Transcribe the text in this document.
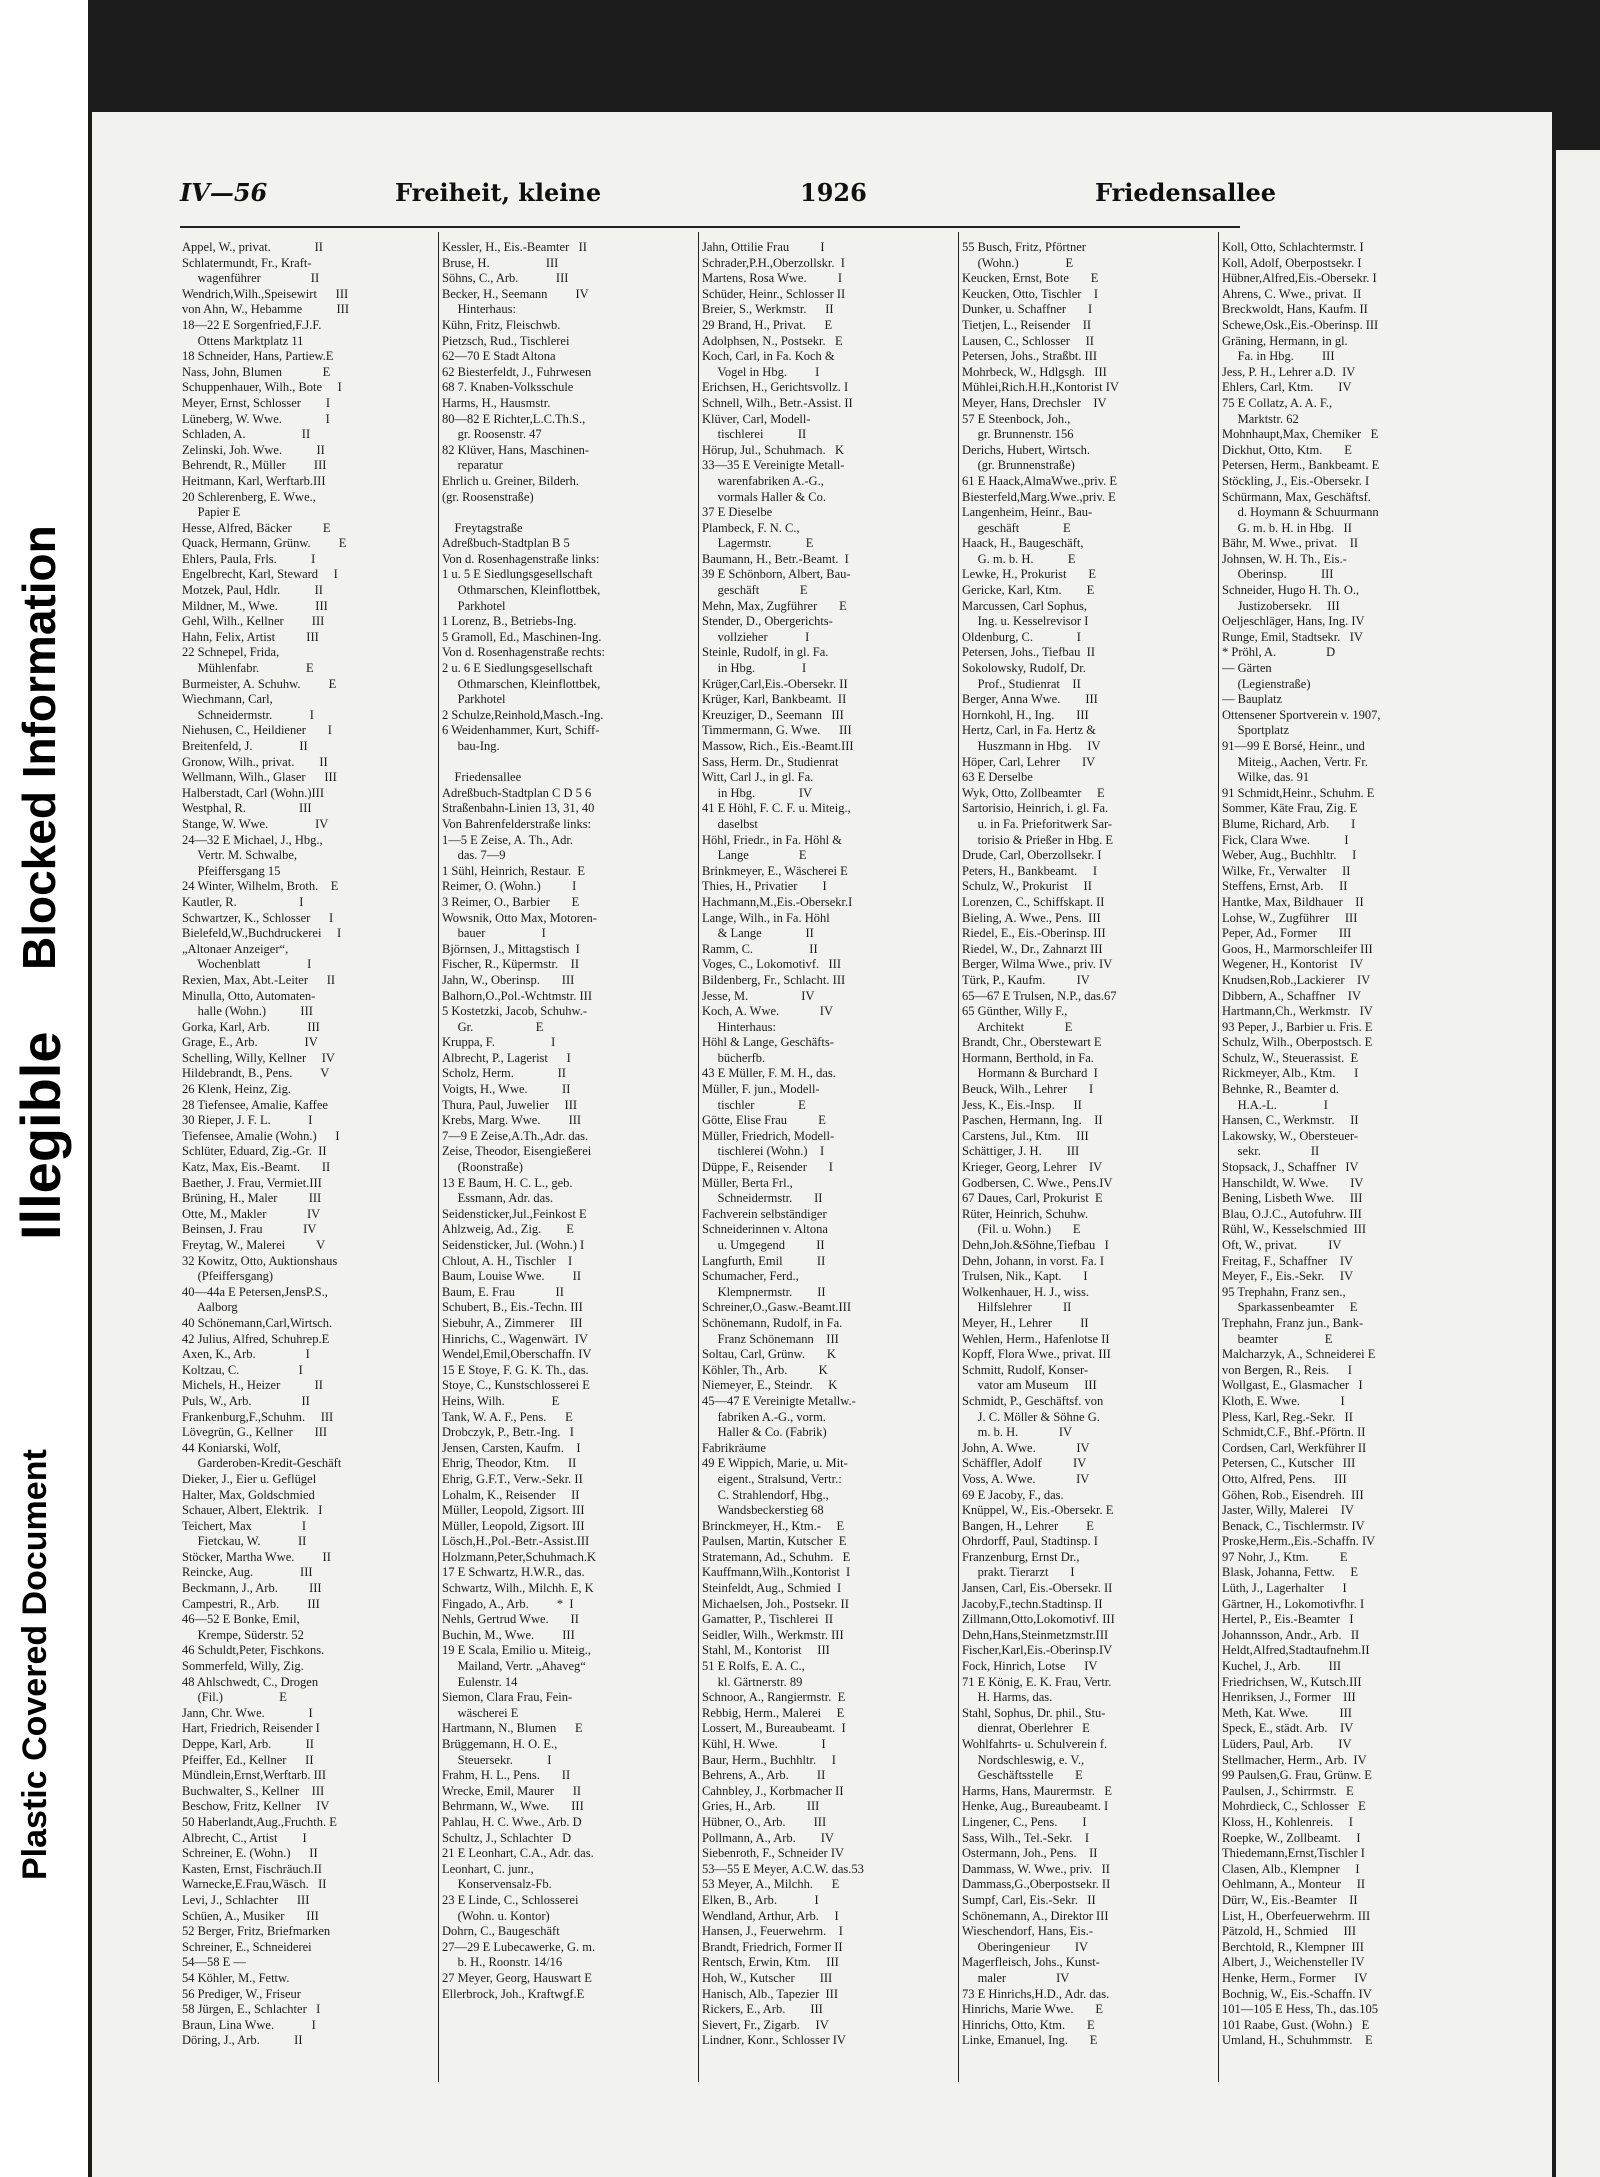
Plastic Covered Document
Illegible
Blocked Information
IV—56	Freiheit, kleine	1926	Friedensallee
Appel, W., privat.              II
Schlatermundt, Fr., Kraft-
wagenführer                II
Wendrich,Wilh.,Speisewirt      III
von Ahn, W., Hebamme           III
18—22 E Sorgenfried,F.J.F.
Ottens Marktplatz 11
18 Schneider, Hans, Partiew.E
Nass, John, Blumen             E
Schuppenhauer, Wilh., Bote     I
Meyer, Ernst, Schlosser        I
Lüneberg, W. Wwe.              I
Schladen, A.                  II
Zelinski, Joh. Wwe.           II
Behrendt, R., Müller         III
Heitmann, Karl, Werftarb.III
20 Schlerenberg, E. Wwe.,
Papier E
Hesse, Alfred, Bäcker          E
Quack, Hermann, Grünw.         E
Ehlers, Paula, Frls.           I
Engelbrecht, Karl, Steward     I
Motzek, Paul, Hdlr.           II
Mildner, M., Wwe.            III
Gehl, Wilh., Kellner         III
Hahn, Felix, Artist          III
22 Schnepel, Frida,
Mühlenfabr.               E
Burmeister, A. Schuhw.         E
Wiechmann, Carl,
Schneidermstr.            I
Niehusen, C., Heildiener       I
Breitenfeld, J.               II
Gronow, Wilh., privat.        II
Wellmann, Wilh., Glaser      III
Halberstadt, Carl (Wohn.)III
Westphal, R.                 III
Stange, W. Wwe.               IV
24—32 E Michael, J., Hbg.,
Vertr. M. Schwalbe,
Pfeiffersgang 15
24 Winter, Wilhelm, Broth.    E
Kautler, R.                    I
Schwartzer, K., Schlosser      I
Bielefeld,W.,Buchdruckerei     I
„Altonaer Anzeiger“,
Wochenblatt               I
Rexien, Max, Abt.-Leiter      II
Minulla, Otto, Automaten-
halle (Wohn.)           III
Gorka, Karl, Arb.            III
Grage, E., Arb.               IV
Schelling, Willy, Kellner     IV
Hildebrandt, B., Pens.         V
26 Klenk, Heinz, Zig.
28 Tiefensee, Amalie, Kaffee
30 Rieper, J. F. L.            I
Tiefensee, Amalie (Wohn.)      I
Schlüter, Eduard, Zig.-Gr.  II
Katz, Max, Eis.-Beamt.       II
Baether, J. Frau, Vermiet.III
Brüning, H., Maler          III
Otte, M., Makler             IV
Beinsen, J. Frau             IV
Freytag, W., Malerei          V
32 Kowitz, Otto, Auktionshaus
(Pfeiffersgang)
40—44a E Petersen,JensP.S.,
Aalborg
40 Schönemann,Carl,Wirtsch.
42 Julius, Alfred, Schuhrep.E
Axen, K., Arb.                I
Koltzau, C.                   I
Michels, H., Heizer           II
Puls, W., Arb.                II
Frankenburg,F.,Schuhm.     III
Lövegrün, G., Kellner       III
44 Koniarski, Wolf,
Garderoben-Kredit-Geschäft
Dieker, J., Eier u. Geflügel
Halter, Max, Goldschmied
Schauer, Albert, Elektrik.   I
Teichert, Max                I
Fietckau, W.            II
Stöcker, Martha Wwe.         II
Reincke, Aug.               III
Beckmann, J., Arb.          III
Campestri, R., Arb.         III
46—52 E Bonke, Emil,
Krempe, Süderstr. 52
46 Schuldt,Peter, Fischkons.
Sommerfeld, Willy, Zig.
48 Ahlschwedt, C., Drogen
(Fil.)                  E
Jann, Chr. Wwe.              I
Hart, Friedrich, Reisender I
Deppe, Karl, Arb.           II
Pfeiffer, Ed., Kellner      II
Mündlein,Ernst,Werftarb. III
Buchwalter, S., Kellner    III
Beschow, Fritz, Kellner     IV
50 Haberlandt,Aug.,Fruchth. E
Albrecht, C., Artist        I
Schreiner, E. (Wohn.)      II
Kasten, Ernst, Fischräuch.II
Warnecke,E.Frau,Wäsch.   II
Levi, J., Schlachter      III
Schüen, A., Musiker       III
52 Berger, Fritz, Briefmarken
Schreiner, E., Schneiderei
54—58 E —
54 Köhler, M., Fettw.
56 Prediger, W., Friseur
58 Jürgen, E., Schlachter   I
Braun, Lina Wwe.            I
Döring, J., Arb.           II
Kessler, H., Eis.-Beamter   II
Bruse, H.                  III
Söhns, C., Arb.            III
Becker, H., Seemann         IV
Hinterhaus:
Kühn, Fritz, Fleischwb.
Pietzsch, Rud., Tischlerei
62—70 E Stadt Altona
62 Biesterfeldt, J., Fuhrwesen
68 7. Knaben-Volksschule
Harms, H., Hausmstr.
80—82 E Richter,L.C.Th.S.,
gr. Roosenstr. 47
82 Klüver, Hans, Maschinen-
reparatur
Ehrlich u. Greiner, Bilderh.
(gr. Roosenstraße)

Freytagstraße
Adreßbuch-Stadtplan B 5
Von d. Rosenhagenstraße links:
1 u. 5 E Siedlungsgesellschaft
Othmarschen, Kleinflottbek,
Parkhotel
1 Lorenz, B., Betriebs-Ing.
5 Gramoll, Ed., Maschinen-Ing.
Von d. Rosenhagenstraße rechts:
2 u. 6 E Siedlungsgesellschaft
Othmarschen, Kleinflottbek,
Parkhotel
2 Schulze,Reinhold,Masch.-Ing.
6 Weidenhammer, Kurt, Schiff-
bau-Ing.

Friedensallee
Adreßbuch-Stadtplan C D 5 6
Straßenbahn-Linien 13, 31, 40
Von Bahrenfelderstraße links:
1—5 E Zeise, A. Th., Adr.
das. 7—9
1 Sühl, Heinrich, Restaur.  E
Reimer, O. (Wohn.)          I
3 Reimer, O., Barbier       E
Wowsnik, Otto Max, Motoren-
bauer                  I
Björnsen, J., Mittagstisch  I
Fischer, R., Küpermstr.    II
Jahn, W., Oberinsp.       III
Balhorn,O.,Pol.-Wchtmstr. III
5 Kostetzki, Jacob, Schuhw.-
Gr.                    E
Kruppa, F.                  I
Albrecht, P., Lagerist      I
Scholz, Herm.              II
Voigts, H., Wwe.           II
Thura, Paul, Juwelier     III
Krebs, Marg. Wwe.         III
7—9 E Zeise,A.Th.,Adr. das.
Zeise, Theodor, Eisengießerei
(Roonstraße)
13 E Baum, H. C. L., geb.
Essmann, Adr. das.
Seidensticker,Jul.,Feinkost E
Ahlzweig, Ad., Zig.        E
Seidensticker, Jul. (Wohn.) I
Chlout, A. H., Tischler    I
Baum, Louise Wwe.         II
Baum, E. Frau             II
Schubert, B., Eis.-Techn. III
Siebuhr, A., Zimmerer     III
Hinrichs, C., Wagenwärt.  IV
Wendel,Emil,Oberschaffn. IV
15 E Stoye, F. G. K. Th., das.
Stoye, C., Kunstschlosserei E
Heins, Wilh.               E
Tank, W. A. F., Pens.      E
Drobczyk, P., Betr.-Ing.   I
Jensen, Carsten, Kaufm.    I
Ehrig, Theodor, Ktm.      II
Ehrig, G.F.T., Verw.-Sekr. II
Lohalm, K., Reisender     II
Müller, Leopold, Zigsort. III
Müller, Leopold, Zigsort. III
Lösch,H.,Pol.-Betr.-Assist.III
Holzmann,Peter,Schuhmach.K
17 E Schwartz, H.W.R., das.
Schwartz, Wilh., Milchh. E, K
Fingado, A., Arb.         *  I
Nehls, Gertrud Wwe.       II
Buchin, M., Wwe.         III
19 E Scala, Emilio u. Miteig.,
Mailand, Vertr. „Ahaveg“
Eulenstr. 14
Siemon, Clara Frau, Fein-
wäscherei E
Hartmann, N., Blumen      E
Brüggemann, H. O. E.,
Steuersekr.           I
Frahm, H. L., Pens.       II
Wrecke, Emil, Maurer      II
Behrmann, W., Wwe.       III
Pahlau, H. C. Wwe., Arb. D
Schultz, J., Schlachter   D
21 E Leonhart, C.A., Adr. das.
Leonhart, C. junr.,
Konservensalz-Fb.
23 E Linde, C., Schlosserei
(Wohn. u. Kontor)
Dohrn, C., Baugeschäft
27—29 E Lubecawerke, G. m.
b. H., Roonstr. 14/16
27 Meyer, Georg, Hauswart E
Ellerbrock, Joh., Kraftwgf.E
Jahn, Ottilie Frau          I
Schrader,P.H.,Oberzollskr.  I
Martens, Rosa Wwe.          I
Schüder, Heinr., Schlosser II
Breier, S., Werkmstr.      II
29 Brand, H., Privat.      E
Adolphsen, N., Postsekr.   E
Koch, Carl, in Fa. Koch &
Vogel in Hbg.         I
Erichsen, H., Gerichtsvollz. I
Schnell, Wilh., Betr.-Assist. II
Klüver, Carl, Modell-
tischlerei           II
Hörup, Jul., Schuhmach.   K
33—35 E Vereinigte Metall-
warenfabriken A.-G.,
vormals Haller & Co.
37 E Dieselbe
Plambeck, F. N. C.,
Lagermstr.           E
Baumann, H., Betr.-Beamt.  I
39 E Schönborn, Albert, Bau-
geschäft             E
Mehn, Max, Zugführer       E
Stender, D., Obergerichts-
vollzieher            I
Steinle, Rudolf, in gl. Fa.
in Hbg.               I
Krüger,Carl,Eis.-Obersekr. II
Krüger, Karl, Bankbeamt.  II
Kreuziger, D., Seemann   III
Timmermann, G. Wwe.      III
Massow, Rich., Eis.-Beamt.III
Sass, Herm. Dr., Studienrat
Witt, Carl J., in gl. Fa.
in Hbg.              IV
41 E Höhl, F. C. F. u. Miteig.,
daselbst
Höhl, Friedr., in Fa. Höhl &
Lange                E
Brinkmeyer, E., Wäscherei E
Thies, H., Privatier        I
Hachmann,M.,Eis.-Obersekr.I
Lange, Wilh., in Fa. Höhl
& Lange              II
Ramm, C.                  II
Voges, C., Lokomotivf.   III
Bildenberg, Fr., Schlacht. III
Jesse, M.                 IV
Koch, A. Wwe.             IV
Hinterhaus:
Höhl & Lange, Geschäfts-
bücherfb.
43 E Müller, F. M. H., das.
Müller, F. jun., Modell-
tischler              E
Götte, Elise Frau          E
Müller, Friedrich, Modell-
tischlerei (Wohn.)    I
Düppe, F., Reisender       I
Müller, Berta Frl.,
Schneidermstr.       II
Fachverein selbständiger
Schneiderinnen v. Altona
u. Umgegend          II
Langfurth, Emil           II
Schumacher, Ferd.,
Klempnermstr.        II
Schreiner,O.,Gasw.-Beamt.III
Schönemann, Rudolf, in Fa.
Franz Schönemann    III
Soltau, Carl, Grünw.       K
Köhler, Th., Arb.          K
Niemeyer, E., Steindr.     K
45—47 E Vereinigte Metallw.-
fabriken A.-G., vorm.
Haller & Co. (Fabrik)
Fabrikräume
49 E Wippich, Marie, u. Mit-
eigent., Stralsund, Vertr.:
C. Strahlendorf, Hbg.,
Wandsbeckerstieg 68
Brinckmeyer, H., Ktm.-     E
Paulsen, Martin, Kutscher  E
Stratemann, Ad., Schuhm.   E
Kauffmann,Wilh.,Kontorist  I
Steinfeldt, Aug., Schmied  I
Michaelsen, Joh., Postsekr. II
Gamatter, P., Tischlerei  II
Seidler, Wilh., Werkmstr. III
Stahl, M., Kontorist     III
51 E Rolfs, E. A. C.,
kl. Gärtnerstr. 89
Schnoor, A., Rangiermstr.  E
Rebbig, Herm., Malerei     E
Lossert, M., Bureaubeamt.  I
Kühl, H. Wwe.              I
Baur, Herm., Buchhltr.     I
Behrens, A., Arb.         II
Cahnbley, J., Korbmacher II
Gries, H., Arb.          III
Hübner, O., Arb.         III
Pollmann, A., Arb.        IV
Siebenroth, F., Schneider IV
53—55 E Meyer, A.C.W. das.53
53 Meyer, A., Milchh.      E
Elken, B., Arb.            I
Wendland, Arthur, Arb.     I
Hansen, J., Feuerwehrm.    I
Brandt, Friedrich, Former II
Rentsch, Erwin, Ktm.     III
Hoh, W., Kutscher        III
Hanisch, Alb., Tapezier  III
Rickers, E., Arb.        III
Sievert, Fr., Zigarb.     IV
Lindner, Konr., Schlosser IV
55 Busch, Fritz, Pförtner
(Wohn.)               E
Keucken, Ernst, Bote       E
Keucken, Otto, Tischler    I
Dunker, u. Schaffner       I
Tietjen, L., Reisender    II
Lausen, C., Schlosser     II
Petersen, Johs., Straßbt. III
Mohrbeck, W., Hdlgsgh.   III
Mühlei,Rich.H.H.,Kontorist IV
Meyer, Hans, Drechsler    IV
57 E Steenbock, Joh.,
gr. Brunnenstr. 156
Derichs, Hubert, Wirtsch.
(gr. Brunnenstraße)
61 E Haack,AlmaWwe.,priv. E
Biesterfeld,Marg.Wwe.,priv. E
Langenheim, Heinr., Bau-
geschäft              E
Haack, H., Baugeschäft,
G. m. b. H.           E
Lewke, H., Prokurist       E
Gericke, Karl, Ktm.        E
Marcussen, Carl Sophus,
Ing. u. Kesselrevisor I
Oldenburg, C.              I
Petersen, Johs., Tiefbau  II
Sokolowsky, Rudolf, Dr.
Prof., Studienrat    II
Berger, Anna Wwe.        III
Hornkohl, H., Ing.       III
Hertz, Carl, in Fa. Hertz &
Huszmann in Hbg.     IV
Höper, Carl, Lehrer       IV
63 E Derselbe
Wyk, Otto, Zollbeamter     E
Sartorisio, Heinrich, i. gl. Fa.
u. in Fa. Prieforitwerk Sar-
torisio & Prießer in Hbg. E
Drude, Carl, Oberzollsekr. I
Peters, H., Bankbeamt.     I
Schulz, W., Prokurist     II
Lorenzen, C., Schiffskapt. II
Bieling, A. Wwe., Pens.  III
Riedel, E., Eis.-Oberinsp. III
Riedel, W., Dr., Zahnarzt III
Berger, Wilma Wwe., priv. IV
Türk, P., Kaufm.          IV
65—67 E Trulsen, N.P., das.67
65 Günther, Willy F.,
Architekt             E
Brandt, Chr., Oberstewart E
Hormann, Berthold, in Fa.
Hormann & Burchard  I
Beuck, Wilh., Lehrer       I
Jess, K., Eis.-Insp.      II
Paschen, Hermann, Ing.    II
Carstens, Jul., Ktm.     III
Schättiger, J. H.        III
Krieger, Georg, Lehrer    IV
Godbersen, C. Wwe., Pens.IV
67 Daues, Carl, Prokurist  E
Rüter, Heinrich, Schuhw.
(Fil. u. Wohn.)       E
Dehn,Joh.&Söhne,Tiefbau   I
Dehn, Johann, in vorst. Fa. I
Trulsen, Nik., Kapt.       I
Wolkenhauer, H. J., wiss.
Hilfslehrer          II
Meyer, H., Lehrer         II
Wehlen, Herm., Hafenlotse II
Kopff, Flora Wwe., privat. III
Schmitt, Rudolf, Konser-
vator am Museum     III
Schmidt, P., Geschäftsf. von
J. C. Möller & Söhne G.
m. b. H.             IV
John, A. Wwe.             IV
Schäffler, Adolf          IV
Voss, A. Wwe.             IV
69 E Jacoby, F., das.
Knüppel, W., Eis.-Obersekr. E
Bangen, H., Lehrer         E
Ohrdorff, Paul, Stadtinsp. I
Franzenburg, Ernst Dr.,
prakt. Tierarzt       I
Jansen, Carl, Eis.-Obersekr. II
Jacoby,F.,techn.Stadtinsp. II
Zillmann,Otto,Lokomotivf. III
Dehn,Hans,Steinmetzmstr.III
Fischer,Karl,Eis.-Oberinsp.IV
Fock, Hinrich, Lotse      IV
71 E König, E. K. Frau, Vertr.
H. Harms, das.
Stahl, Sophus, Dr. phil., Stu-
dienrat, Oberlehrer   E
Wohlfahrts- u. Schulverein f.
Nordschleswig, e. V.,
Geschäftsstelle       E
Harms, Hans, Maurermstr.   E
Henke, Aug., Bureaubeamt. I
Lingener, C., Pens.        I
Sass, Wilh., Tel.-Sekr.    I
Ostermann, Joh., Pens.    II
Dammass, W. Wwe., priv.   II
Dammass,G.,Oberpostsekr. II
Sumpf, Carl, Eis.-Sekr.   II
Schönemann, A., Direktor III
Wieschendorf, Hans, Eis.-
Oberingenieur        IV
Magerfleisch, Johs., Kunst-
maler                IV
73 E Hinrichs,H.D., Adr. das.
Hinrichs, Marie Wwe.       E
Hinrichs, Otto, Ktm.       E
Linke, Emanuel, Ing.       E
Koll, Otto, Schlachtermstr. I
Koll, Adolf, Oberpostsekr. I
Hübner,Alfred,Eis.-Obersekr. I
Ahrens, C. Wwe., privat.  II
Breckwoldt, Hans, Kaufm. II
Schewe,Osk.,Eis.-Oberinsp. III
Gräning, Hermann, in gl.
Fa. in Hbg.         III
Jess, P. H., Lehrer a.D.  IV
Ehlers, Carl, Ktm.        IV
75 E Collatz, A. A. F.,
Marktstr. 62
Mohnhaupt,Max, Chemiker   E
Dickhut, Otto, Ktm.       E
Petersen, Herm., Bankbeamt. E
Stöckling, J., Eis.-Obersekr. I
Schürmann, Max, Geschäftsf.
d. Hoymann & Schuurmann
G. m. b. H. in Hbg.   II
Bähr, M. Wwe., privat.    II
Johnsen, W. H. Th., Eis.-
Oberinsp.           III
Schneider, Hugo H. Th. O.,
Justizobersekr.     III
Oeljeschläger, Hans, Ing. IV
Runge, Emil, Stadtsekr.   IV
* Pröhl, A.                D
— Gärten
(Legienstraße)
— Bauplatz
Ottensener Sportverein v. 1907,
Sportplatz
91—99 E Borsé, Heinr., und
Miteig., Aachen, Vertr. Fr.
Wilke, das. 91
91 Schmidt,Heinr., Schuhm. E
Sommer, Käte Frau, Zig. E
Blume, Richard, Arb.       I
Fick, Clara Wwe.           I
Weber, Aug., Buchhltr.     I
Wilke, Fr., Verwalter     II
Steffens, Ernst, Arb.     II
Hantke, Max, Bildhauer    II
Lohse, W., Zugführer     III
Peper, Ad., Former       III
Goos, H., Marmorschleifer III
Wegener, H., Kontorist    IV
Knudsen,Rob.,Lackierer    IV
Dibbern, A., Schaffner    IV
Hartmann,Ch., Werkmstr.   IV
93 Peper, J., Barbier u. Fris. E
Schulz, Wilh., Oberpostsch. E
Schulz, W., Steuerassist.  E
Rickmeyer, Alb., Ktm.      I
Behnke, R., Beamter d.
H.A.-L.               I
Hansen, C., Werkmstr.     II
Lakowsky, W., Obersteuer-
sekr.                II
Stopsack, J., Schaffner   IV
Hanschildt, W. Wwe.       IV
Bening, Lisbeth Wwe.     III
Blau, O.J.C., Autofuhrw. III
Rühl, W., Kesselschmied  III
Oft, W., privat.          IV
Freitag, F., Schaffner    IV
Meyer, F., Eis.-Sekr.     IV
95 Trephahn, Franz sen.,
Sparkassenbeamter     E
Trephahn, Franz jun., Bank-
beamter               E
Malcharzyk, A., Schneiderei E
von Bergen, R., Reis.      I
Wollgast, E., Glasmacher   I
Kloth, E. Wwe.             I
Pless, Karl, Reg.-Sekr.   II
Schmidt,C.F., Bhf.-Pförtn. II
Cordsen, Carl, Werkführer II
Petersen, C., Kutscher   III
Otto, Alfred, Pens.      III
Göhen, Rob., Eisendreh.  III
Jaster, Willy, Malerei    IV
Benack, C., Tischlermstr. IV
Proske,Herm.,Eis.-Schaffn. IV
97 Nohr, J., Ktm.          E
Blask, Johanna, Fettw.     E
Lüth, J., Lagerhalter      I
Gärtner, H., Lokomotivfhr. I
Hertel, P., Eis.-Beamter   I
Johannsson, Andr., Arb.   II
Heldt,Alfred,Stadtaufnehm.II
Kuchel, J., Arb.         III
Friedrichsen, W., Kutsch.III
Henriksen, J., Former    III
Meth, Kat. Wwe.          III
Speck, E., städt. Arb.    IV
Lüders, Paul, Arb.        IV
Stellmacher, Herm., Arb.  IV
99 Paulsen,G. Frau, Grünw. E
Paulsen, J., Schirrmstr.   E
Mohrdieck, C., Schlosser   E
Kloss, H., Kohlenreis.     I
Roepke, W., Zollbeamt.     I
Thiedemann,Ernst,Tischler I
Clasen, Alb., Klempner     I
Oehlmann, A., Monteur     II
Dürr, W., Eis.-Beamter    II
List, H., Oberfeuerwehrm. III
Pätzold, H., Schmied     III
Berchtold, R., Klempner  III
Albert, J., Weichensteller IV
Henke, Herm., Former      IV
Bochnig, W., Eis.-Schaffn. IV
101—105 E Hess, Th., das.105
101 Raabe, Gust. (Wohn.)   E
Umland, H., Schuhmmstr.    E
